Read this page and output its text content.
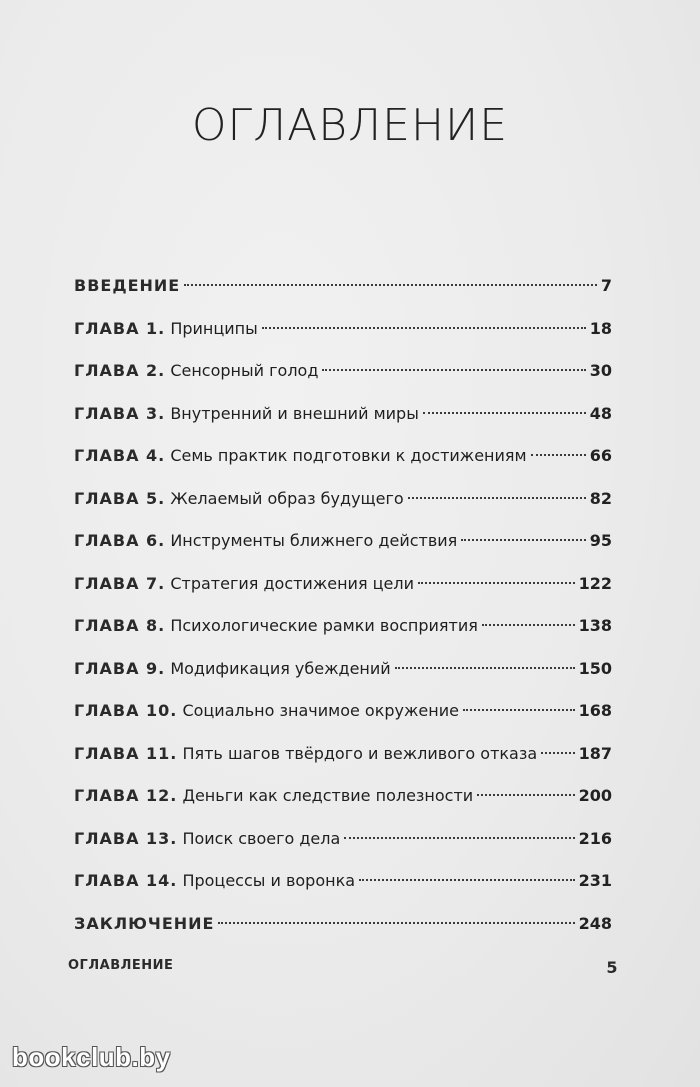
ОГЛАВЛЕНИЕ
ВВЕДЕНИЕ	7
ГЛАВА 1. Принципы	18
ГЛАВА 2. Сенсорный голод	30
ГЛАВА 3. Внутренний и внешний миры	48
ГЛАВА 4. Семь практик подготовки к достижениям	66
ГЛАВА 5. Желаемый образ будущего	82
ГЛАВА 6. Инструменты ближнего действия	95
ГЛАВА 7. Стратегия достижения цели	122
ГЛАВА 8. Психологические рамки восприятия	138
ГЛАВА 9. Модификация убеждений	150
ГЛАВА 10. Социально значимое окружение	168
ГЛАВА 11. Пять шагов твёрдого и вежливого отказа	187
ГЛАВА 12. Деньги как следствие полезности	200
ГЛАВА 13. Поиск своего дела	216
ГЛАВА 14. Процессы и воронка	231
ЗАКЛЮЧЕНИЕ	248
ОГЛАВЛЕНИЕ	5
bookclub.by
